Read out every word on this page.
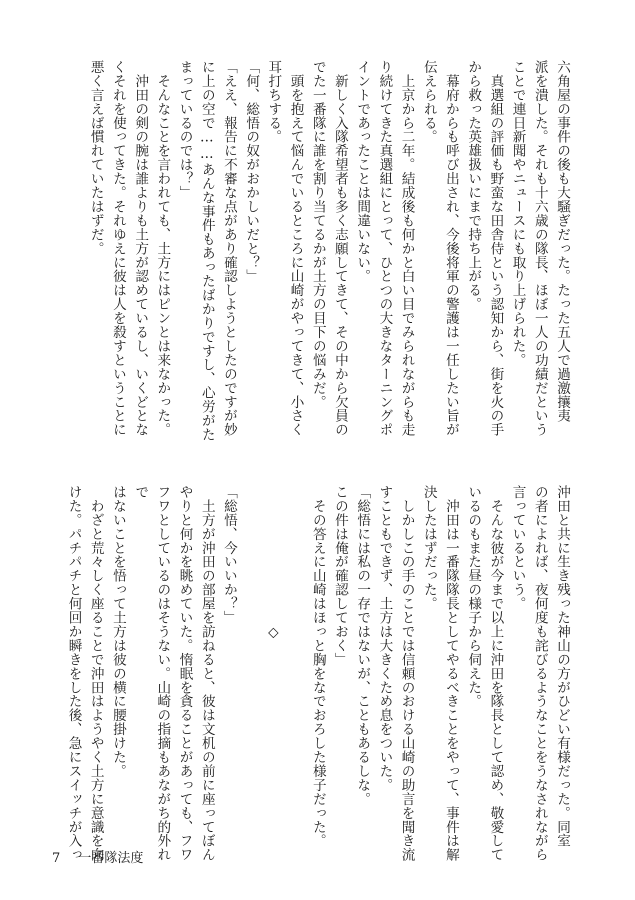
六角屋の事件の後も大騒ぎだった。たった五人で過激攘夷

派を潰した。それも十六歳の隊長、ほぼ一人の功績だという

ことで連日新聞やニュースにも取り上げられた。

　真選組の評価も野蛮な田舎侍という認知から、街を火の手

から救った英雄扱いにまで持ち上がる。

　幕府からも呼び出され、今後将軍の警護は一任したい旨が

伝えられる。

　上京から二年。結成後も何かと白い目でみられながらも走

り続けてきた真選組にとって、ひとつの大きなターニングポ

イントであったことは間違いない。

　新しく入隊希望者も多く志願してきて、その中から欠員の

でた一番隊に誰を割り当てるかが土方の目下の悩みだ。

　頭を抱えて悩んでいるところに山崎がやってきて、小さく

耳打ちする。

「何、総悟の奴がおかしいだと？」

「ええ、報告に不審な点があり確認しようとしたのですが妙

に上の空で……あんな事件もあったばかりですし、心労がた

まっているのでは？」

　そんなことを言われても、土方にはピンとは来なかった。

　沖田の剣の腕は誰よりも土方が認めているし、いくどとな

くそれを使ってきた。それゆえに彼は人を殺すということに

悪く言えば慣れていたはずだ。

沖田と共に生き残った神山の方がひどい有様だった。同室

の者によれば、夜何度も詫びるようなことをうなされながら

言っているという。

　そんな彼が今まで以上に沖田を隊長として認め、敬愛して

いるのもまた昼の様子から伺えた。

　沖田は一番隊隊長としてやるべきことをやって、事件は解

決したはずだった。

　しかしこの手のことでは信頼のおける山崎の助言を聞き流

すこともできず、土方は大きくため息をついた。

「総悟には私の一存ではないが、こともあるしな。

この件は俺が確認しておく」

　その答えに山崎はほっと胸をなでおろした様子だった。

　　　　　　　　　　◇

「総悟、今いいか？」

　土方が沖田の部屋を訪ねると、彼は文机の前に座ってぼん

やりと何かを眺めていた。惰眠を貪ることがあっても、フワ

フワとしているのはそうない。山崎の指摘もあながち的外れで

はないことを悟って土方は彼の横に腰掛けた。

　わざと荒々しく座ることで沖田はようやく土方に意識を向

けた。パチパチと何回か瞬きをした後、急にスイッチが入っ

7 一番隊法度
